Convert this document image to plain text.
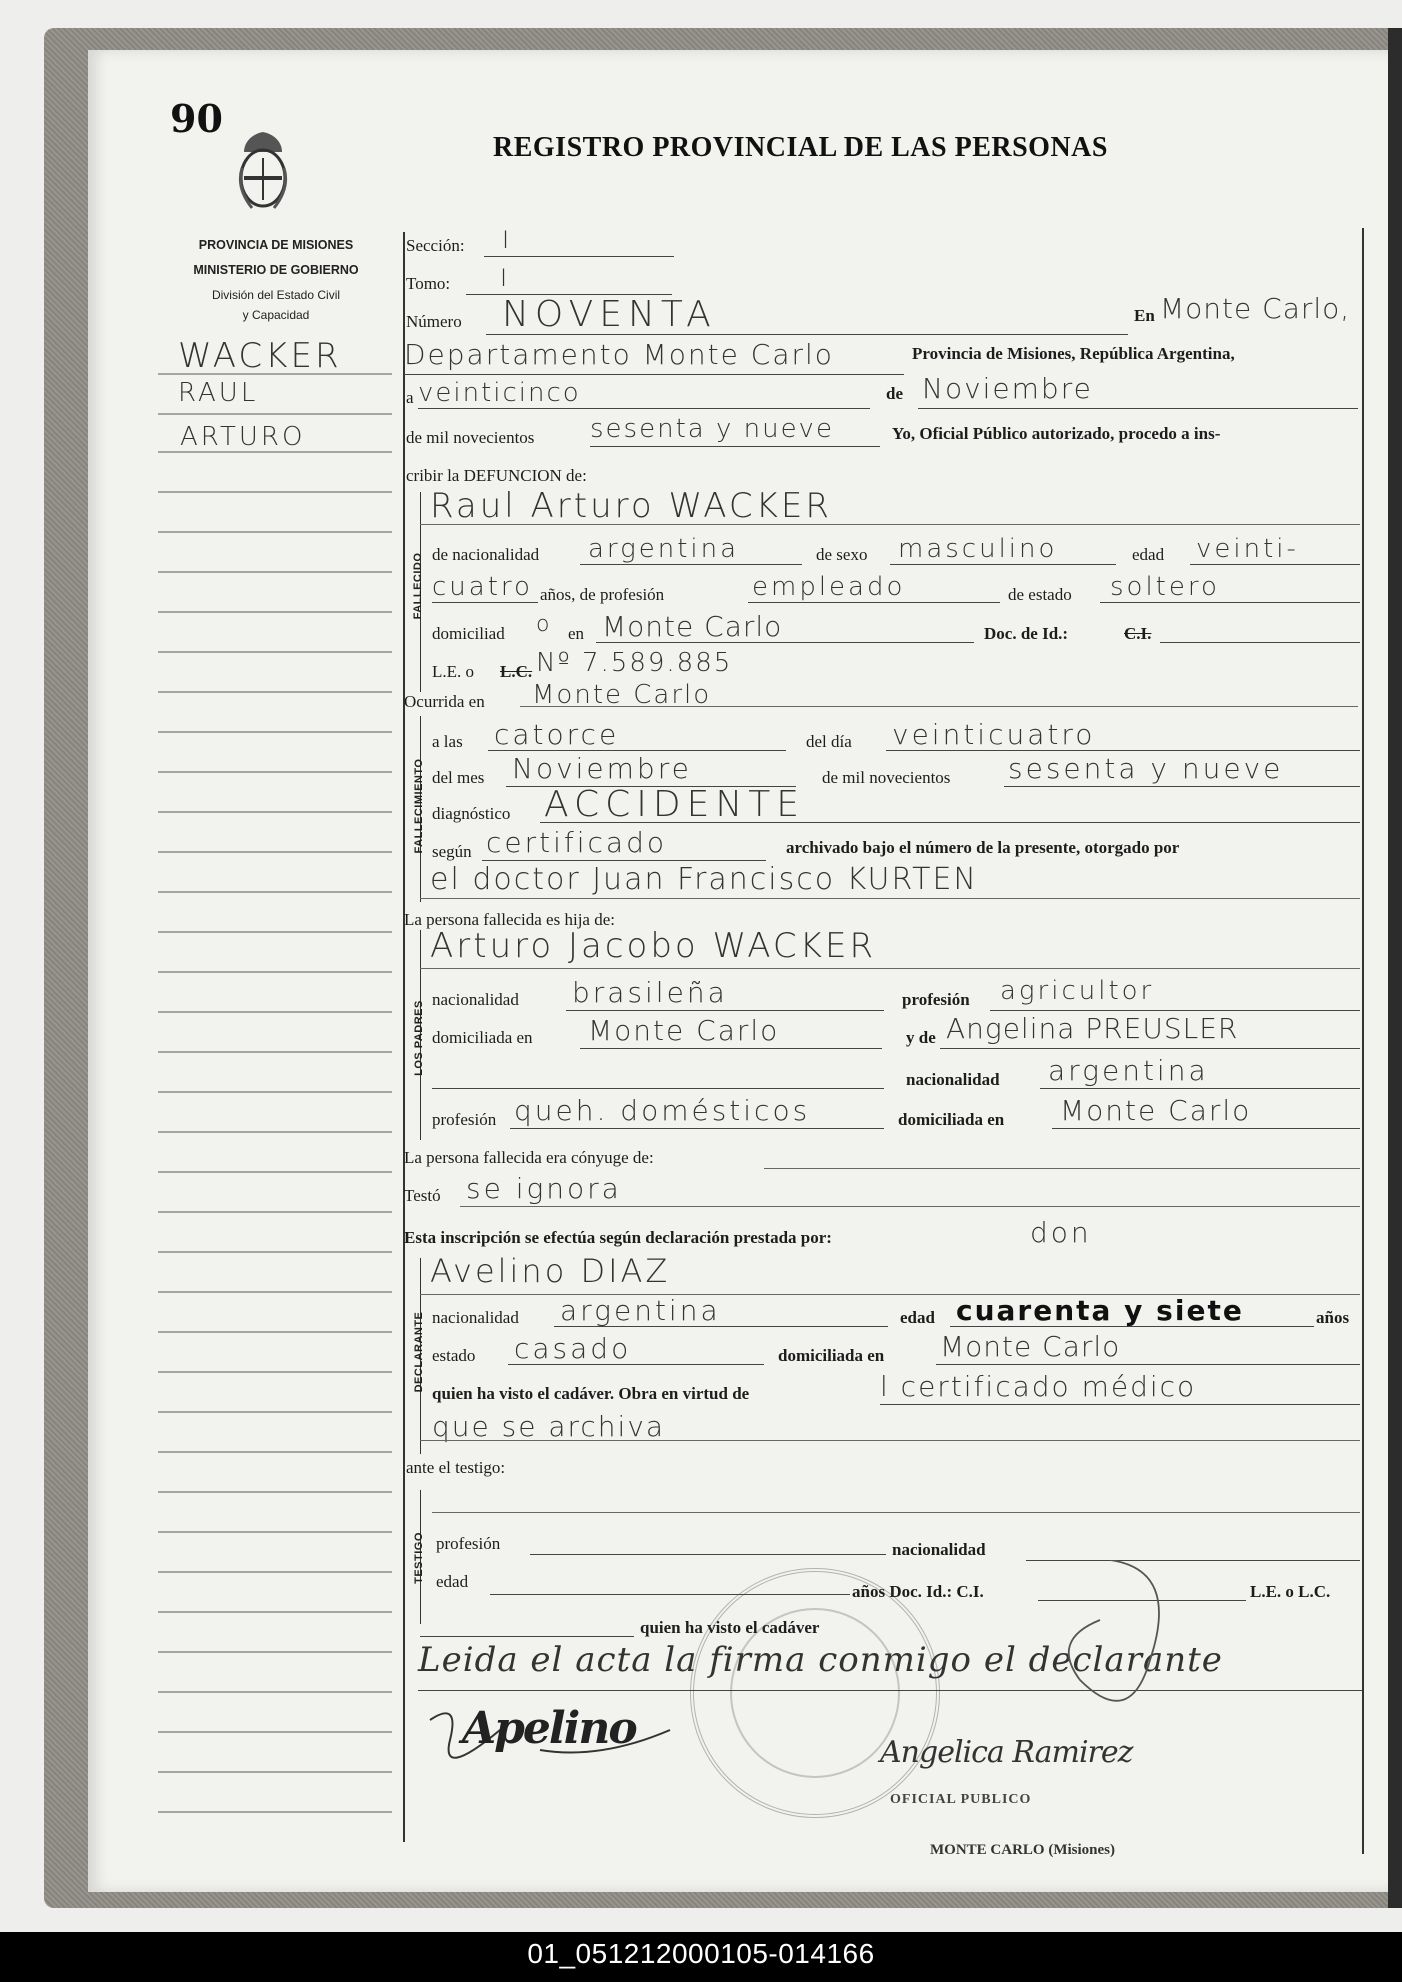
90
REGISTRO PROVINCIAL DE LAS PERSONAS
PROVINCIA DE MISIONES
MINISTERIO DE GOBIERNO
División del Estado Civil
y Capacidad
WACKER
RAUL
ARTURO
Sección: I
Tomo: I
Número NOVENTA	En Monte Carlo,
Departamento Monte Carlo	Provincia de Misiones, República Argentina,
a veinticinco	de Noviembre
de mil novecientos sesenta y nueve	Yo, Oficial Público autorizado, procedo a ins-
cribir la DEFUNCION de:
FALLECIDO
Raul Arturo WACKER
de nacionalidad argentina	de sexo masculino	edad veinti-
cuatro años, de profesión	empleado	de estado soltero
domiciliad o en Monte Carlo	Doc. de Id.:	C.I.
L.E. o L.C. Nº 7.589.885
Ocurrida en Monte Carlo
FALLECIMIENTO
a las catorce	del día veinticuatro
del mes Noviembre	de mil novecientos sesenta y nueve
diagnóstico ACCIDENTE
según certificado	archivado bajo el número de la presente, otorgado por
el doctor Juan Francisco KURTEN
La persona fallecida es hija de:
LOS PADRES
Arturo Jacobo WACKER
nacionalidad brasileña	profesión agricultor
domiciliada en Monte Carlo	y de Angelina PREUSLER
nacionalidad argentina
profesión queh. domésticos	domiciliada en Monte Carlo
La persona fallecida era cónyuge de:
Testó se ignora
Esta inscripción se efectúa según declaración prestada por:	don
DECLARANTE
Avelino DIAZ
nacionalidad argentina	edad cuarenta y siete	años
estado casado	domiciliada en Monte Carlo
quien ha visto el cadáver. Obra en virtud de	l certificado médico
que se archiva
ante el testigo:
TESTIGO profesión	nacionalidad
edad
años Doc. Id.: C.I.	L.E. o L.C.
quien ha visto el cadáver
Leida el acta la firma conmigo el declarante
Apelino	Angelica Ramirez
OFICIAL PUBLICO
MONTE CARLO (Misiones)
01_051212000105-014166
